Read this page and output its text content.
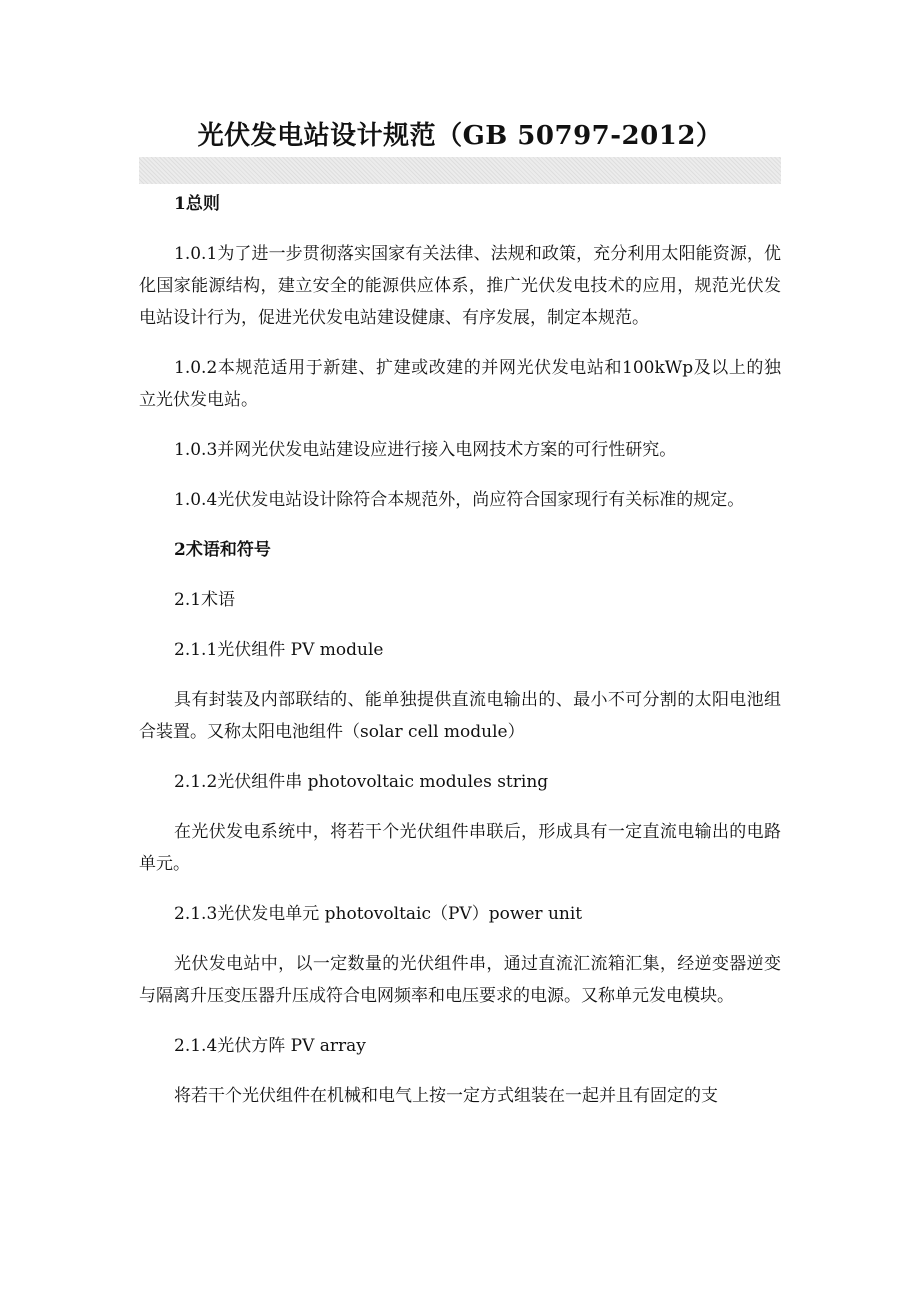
光伏发电站设计规范（GB 50797-2012）

1总则

1.0.1为了进一步贯彻落实国家有关法律、法规和政策，充分利用太阳能资源，优化国家能源结构，建立安全的能源供应体系，推广光伏发电技术的应用，规范光伏发电站设计行为，促进光伏发电站建设健康、有序发展，制定本规范。

1.0.2本规范适用于新建、扩建或改建的并网光伏发电站和100kWp及以上的独立光伏发电站。

1.0.3并网光伏发电站建设应进行接入电网技术方案的可行性研究。

1.0.4光伏发电站设计除符合本规范外，尚应符合国家现行有关标准的规定。

2术语和符号

2.1术语

2.1.1光伏组件 PV module

具有封装及内部联结的、能单独提供直流电输出的、最小不可分割的太阳电池组合装置。又称太阳电池组件（solar cell module）

2.1.2光伏组件串 photovoltaic modules string

在光伏发电系统中，将若干个光伏组件串联后，形成具有一定直流电输出的电路单元。

2.1.3光伏发电单元 photovoltaic（PV）power unit

光伏发电站中，以一定数量的光伏组件串，通过直流汇流箱汇集，经逆变器逆变与隔离升压变压器升压成符合电网频率和电压要求的电源。又称单元发电模块。

2.1.4光伏方阵 PV array

将若干个光伏组件在机械和电气上按一定方式组装在一起并且有固定的支
